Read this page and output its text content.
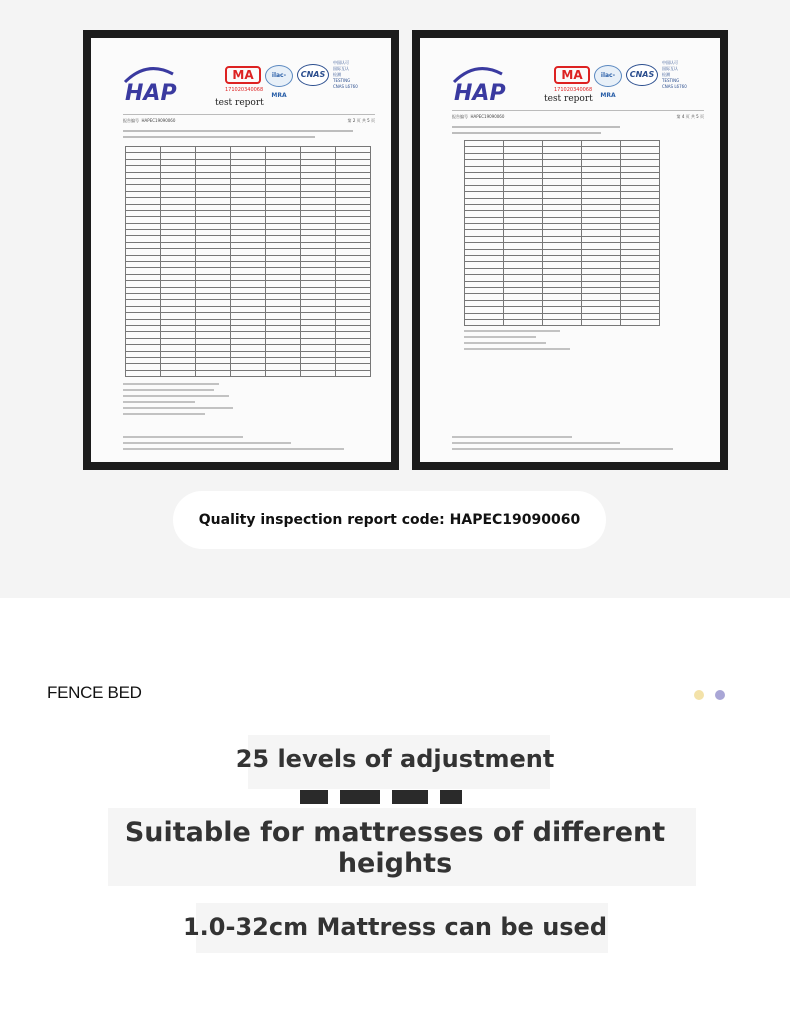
HAP
MA
171020340068
ilac-MRA
CNAS
中国认可
国际互认
检测
TESTING
CNAS L6760
test report
报告编号 HAPEC19090060	第 2 页 共 5 页

HAP
MA
171020340068
ilac-MRA
CNAS
中国认可
国际互认
检测
TESTING
CNAS L6760
test report
报告编号 HAPEC19090060	第 4 页 共 5 页

Quality inspection report code: HAPEC19090060
FENCE BED
25 levels of adjustment
Suitable for mattresses of different heights
1.0-32cm Mattress can be used
